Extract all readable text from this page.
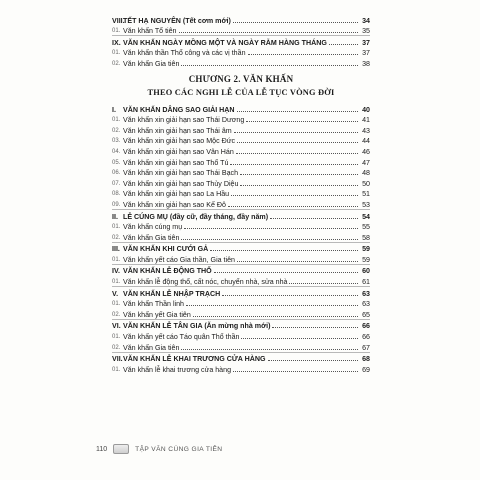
VIII.
TẾT HẠ NGUYÊN (Tết cơm mới)	34
01. Văn khấn Tổ tiên	35
IX. VĂN KHẤN NGÀY MỒNG MỘT VÀ NGÀY RẰM HÀNG THÁNG	37
01. Văn khấn thần Thổ công và các vị thần	37
02. Văn khấn Gia tiên	38
CHƯƠNG 2. VĂN KHẤN
THEO CÁC NGHI LỄ CỦA LỄ TỤC VÒNG ĐỜI
I. VĂN KHẤN DÂNG SAO GIẢI HẠN	40
01. Văn khấn xin giải hạn sao Thái Dương	41
02. Văn khấn xin giải hạn sao Thái âm	43
03. Văn khấn xin giải hạn sao Mộc Đức	44
04. Văn khấn xin giải hạn sao Vân Hán	46
05. Văn khấn xin giải hạn sao Thổ Tú	47
06. Văn khấn xin giải hạn sao Thái Bạch	48
07. Văn khấn xin giải hạn sao Thủy Diệu	50
08. Văn khấn xin giải hạn sao La Hầu	51
09. Văn khấn xin giải hạn sao Kế Đô	53
II. LỄ CÚNG MỤ (đầy cữ, đầy tháng, đầy năm)	54
01. Văn khấn cúng mụ	55
02. Văn khấn Gia tiên	58
III. VĂN KHẤN KHI CƯỚI GẢ	59
01. Văn khấn yết cáo Gia thần, Gia tiên	59
IV. VĂN KHẤN LỄ ĐỘNG THỔ	60
01. Văn khấn lễ động thổ, cất nóc, chuyển nhà, sửa nhà	61
V. VĂN KHẤN LỄ NHẬP TRẠCH	63
01. Văn khấn Thần linh	63
02. Văn khấn yết Gia tiên	65
VI. VĂN KHẤN LỄ TÂN GIA (Ăn mừng nhà mới)	66
01. Văn khấn yết cáo Táo quân Thổ thần	66
02. Văn khấn Gia tiên	67
VII. VĂN KHẤN LỄ KHAI TRƯƠNG CỬA HÀNG	68
01. Văn khấn lễ khai trương cửa hàng	69
110	TẬP VĂN CÚNG GIA TIÊN
